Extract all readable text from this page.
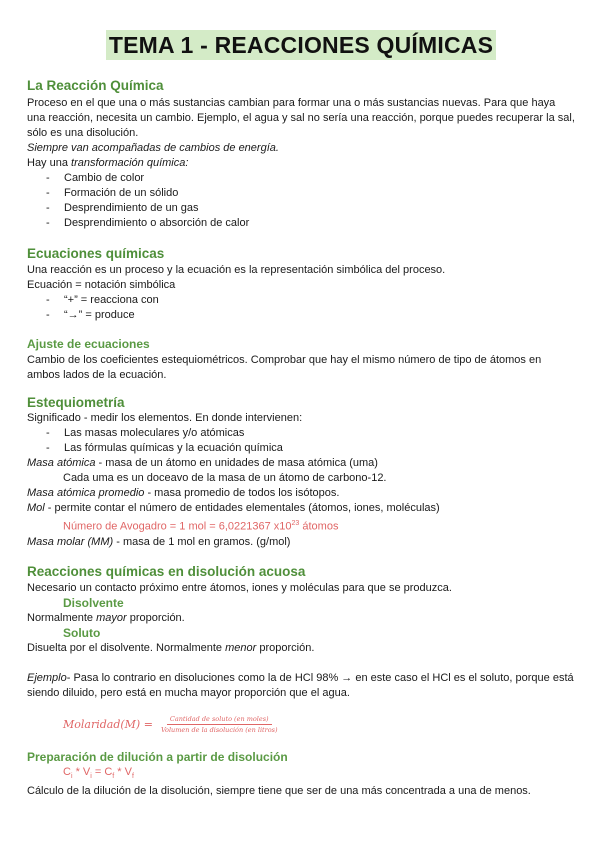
TEMA 1 - REACCIONES QUÍMICAS
La Reacción Química

Proceso en el que una o más sustancias cambian para formar una o más sustancias nuevas. Para que haya una reacción, necesita un cambio. Ejemplo, el agua y sal no sería una reacción, porque puedes recuperar la sal, sólo es una disolución.

Siempre van acompañadas de cambios de energía.

Hay una transformación química:

- Cambio de color
- Formación de un sólido
- Desprendimiento de un gas
- Desprendimiento o absorción de calor
Ecuaciones químicas

Una reacción es un proceso y la ecuación es la representación simbólica del proceso.

Ecuación = notación simbólica

- “+” = reacciona con
- “→” = produce
Ajuste de ecuaciones

Cambio de los coeficientes estequiométricos. Comprobar que hay el mismo número de tipo de átomos en ambos lados de la ecuación.

Estequiometría

Significado - medir los elementos. En donde intervienen:

- Las masas moleculares y/o atómicas
- Las fórmulas químicas y la ecuación química

Masa atómica - masa de un átomo en unidades de masa atómica (uma)

Cada uma es un doceavo de la masa de un átomo de carbono-12.

Masa atómica promedio - masa promedio de todos los isótopos.

Mol - permite contar el número de entidades elementales (átomos, iones, moléculas)

Número de Avogadro = 1 mol = 6,0221367 $x10^{23}$ átomos

Masa molar (MM) - masa de 1 mol en gramos. (g/mol)

Reacciones químicas en disolución acuosa

Necesario un contacto próximo entre átomos, iones y moléculas para que se produzca.

Disolvente

Normalmente mayor proporción.

Soluto

Disuelta por el disolvente. Normalmente menor proporción.

Ejemplo- Pasa lo contrario en disoluciones como la de HCl 98% → en este caso el HCl es el soluto, porque está siendo diluido, pero está en mucha mayor proporción que el agua.

Molaridad(M) = $\frac{\text{Cantidad de soluto (en moles)}}{\text{Volumen de la disolución (en litros)}}$
Preparación de dilución a partir de disolución

$C_i * V_i = C_f * V_f$

Cálculo de la dilución de la disolución, siempre tiene que ser de una más concentrada a una de menos.
